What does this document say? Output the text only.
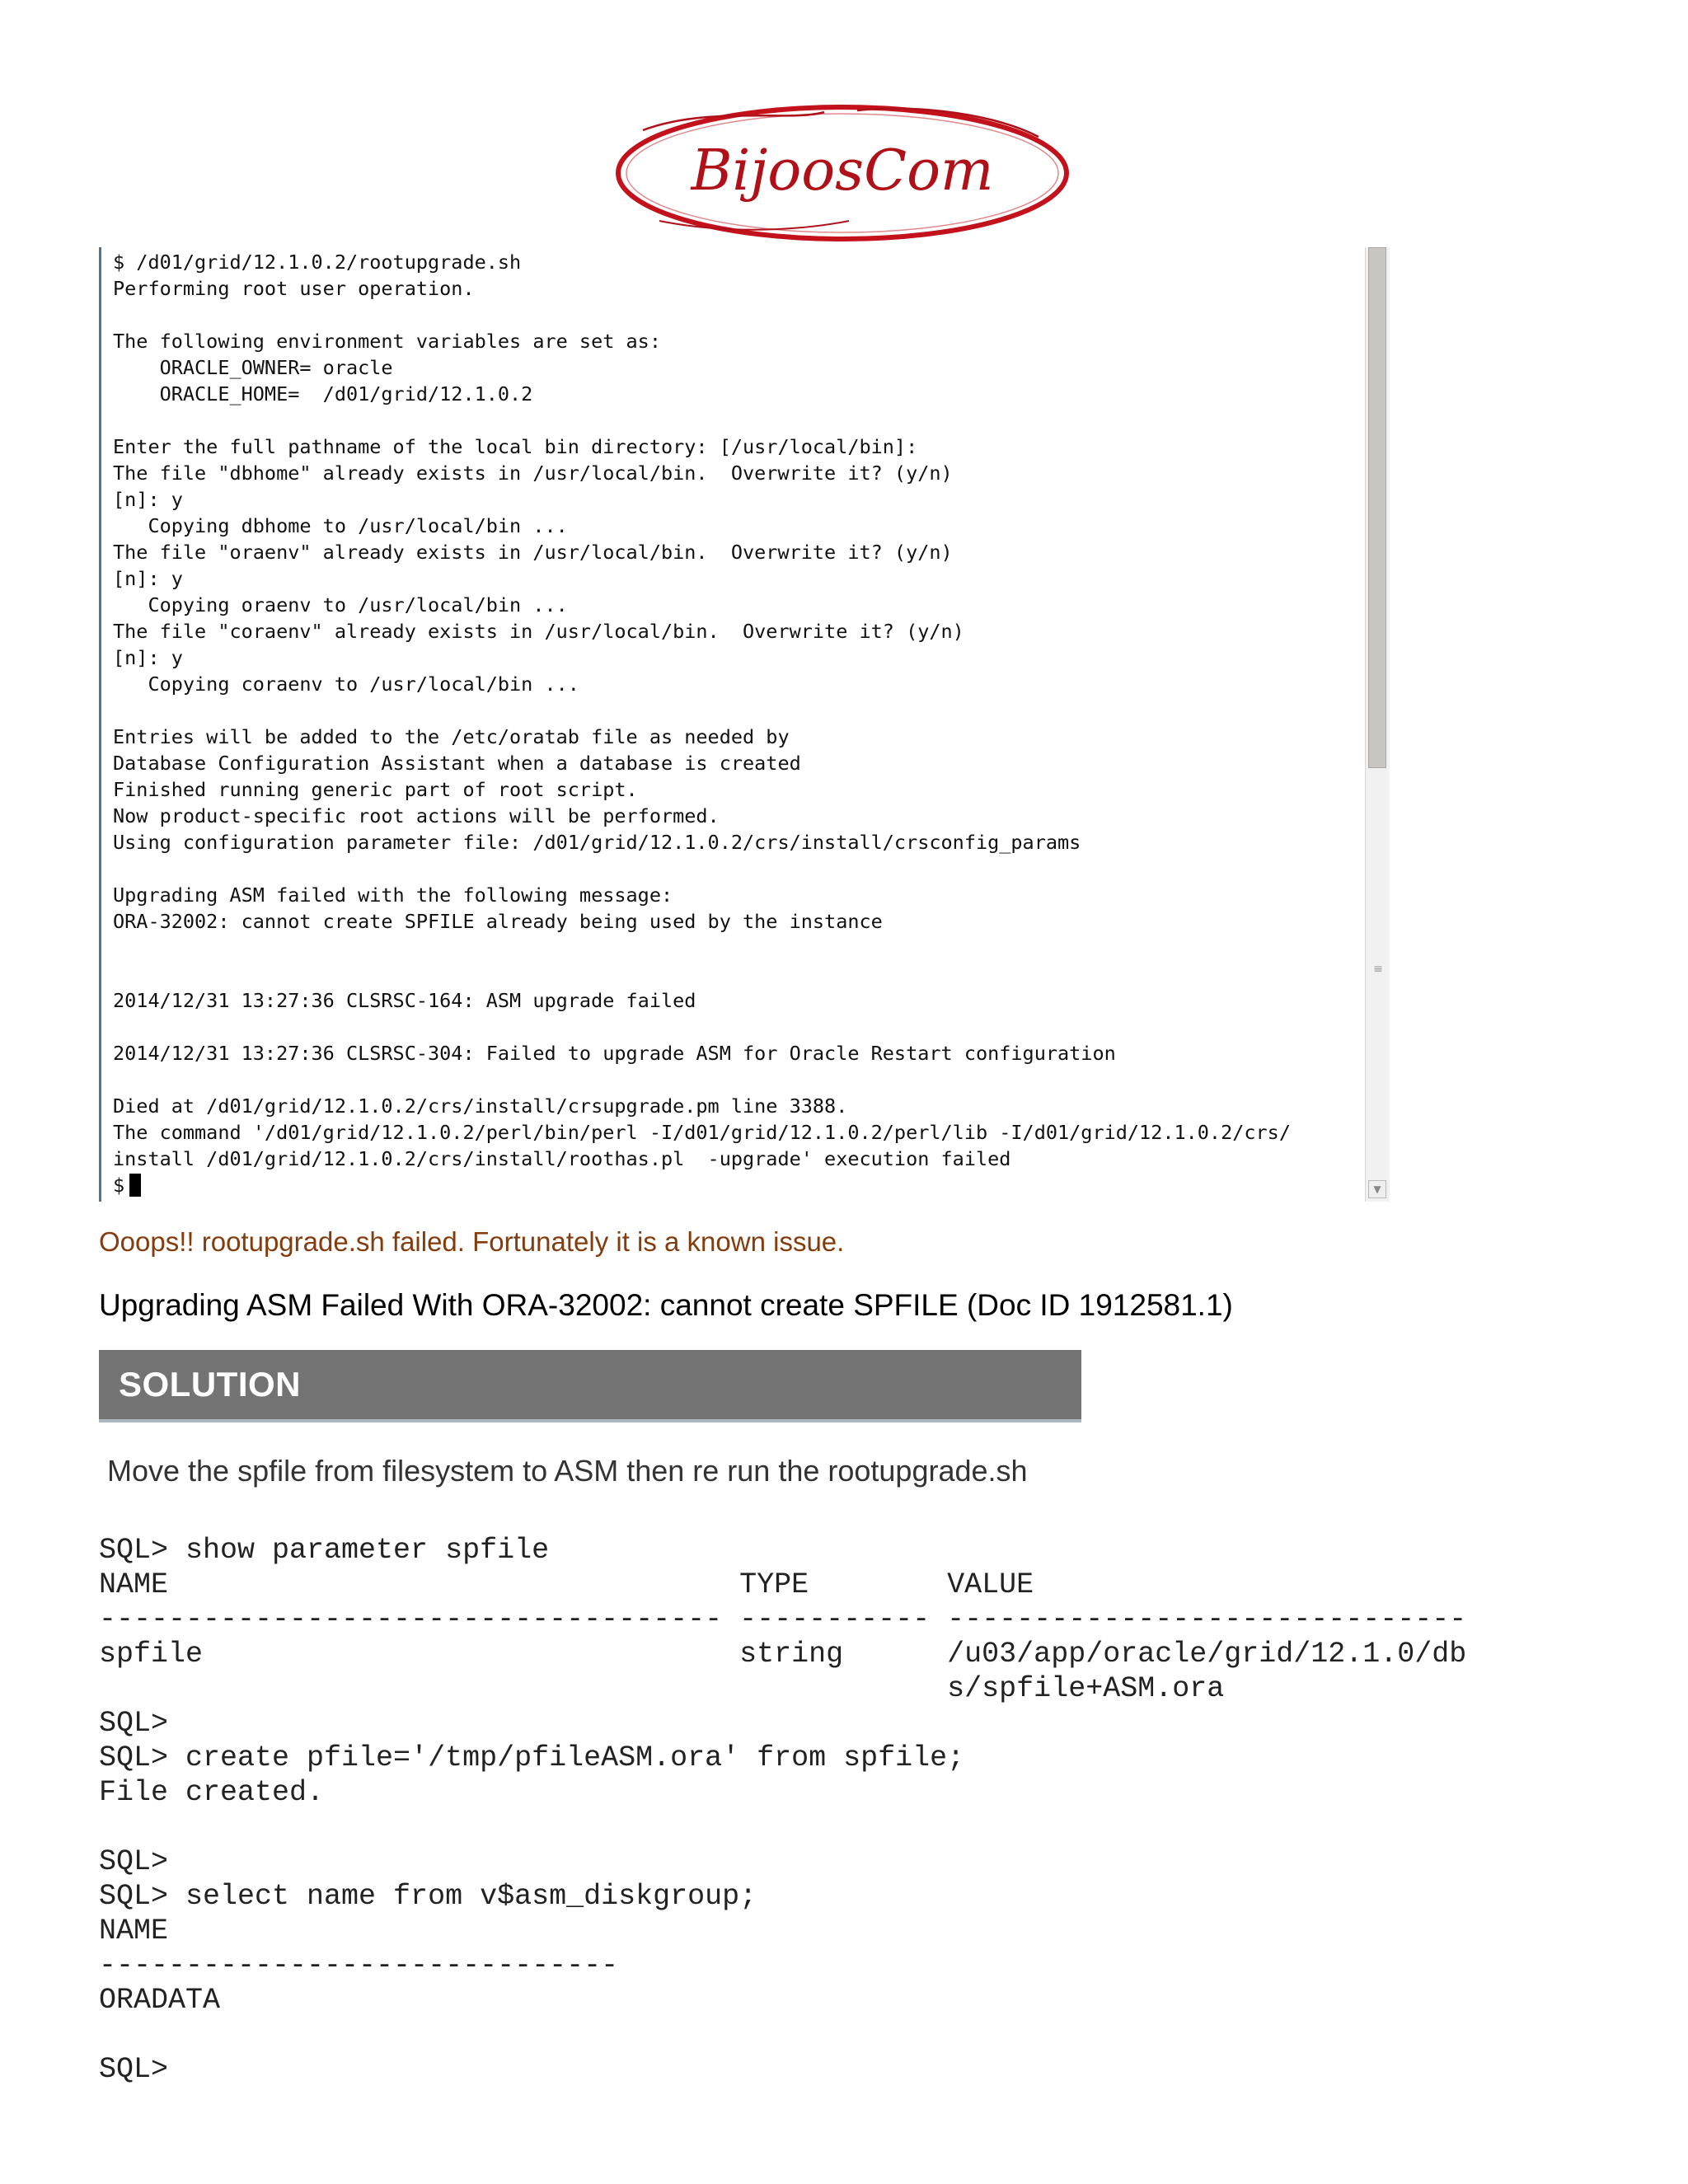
BijoosCom
$ /d01/grid/12.1.0.2/rootupgrade.sh
Performing root user operation.
The following environment variables are set as:
ORACLE_OWNER= oracle
ORACLE_HOME=  /d01/grid/12.1.0.2
Enter the full pathname of the local bin directory: [/usr/local/bin]:
The file "dbhome" already exists in /usr/local/bin.  Overwrite it? (y/n)
[n]: y
Copying dbhome to /usr/local/bin ...
The file "oraenv" already exists in /usr/local/bin.  Overwrite it? (y/n)
[n]: y
Copying oraenv to /usr/local/bin ...
The file "coraenv" already exists in /usr/local/bin.  Overwrite it? (y/n)
[n]: y
Copying coraenv to /usr/local/bin ...
Entries will be added to the /etc/oratab file as needed by
Database Configuration Assistant when a database is created
Finished running generic part of root script.
Now product-specific root actions will be performed.
Using configuration parameter file: /d01/grid/12.1.0.2/crs/install/crsconfig_params
Upgrading ASM failed with the following message:
ORA-32002: cannot create SPFILE already being used by the instance
2014/12/31 13:27:36 CLSRSC-164: ASM upgrade failed
2014/12/31 13:27:36 CLSRSC-304: Failed to upgrade ASM for Oracle Restart configuration
Died at /d01/grid/12.1.0.2/crs/install/crsupgrade.pm line 3388.
The command '/d01/grid/12.1.0.2/perl/bin/perl -I/d01/grid/12.1.0.2/perl/lib -I/d01/grid/12.1.0.2/crs/
install /d01/grid/12.1.0.2/crs/install/roothas.pl  -upgrade' execution failed
$
≡
▼
Ooops!! rootupgrade.sh failed. Fortunately it is a known issue.
Upgrading ASM Failed With ORA-32002: cannot create SPFILE (Doc ID 1912581.1)
SOLUTION
Move the spfile from filesystem to ASM then re run the rootupgrade.sh
SQL> show parameter spfile
NAME                                 TYPE        VALUE
------------------------------------ ----------- ------------------------------
spfile                               string      /u03/app/oracle/grid/12.1.0/db
s/spfile+ASM.ora
SQL>
SQL> create pfile='/tmp/pfileASM.ora' from spfile;
File created.
SQL>
SQL> select name from v$asm_diskgroup;
NAME
------------------------------
ORADATA
SQL>
